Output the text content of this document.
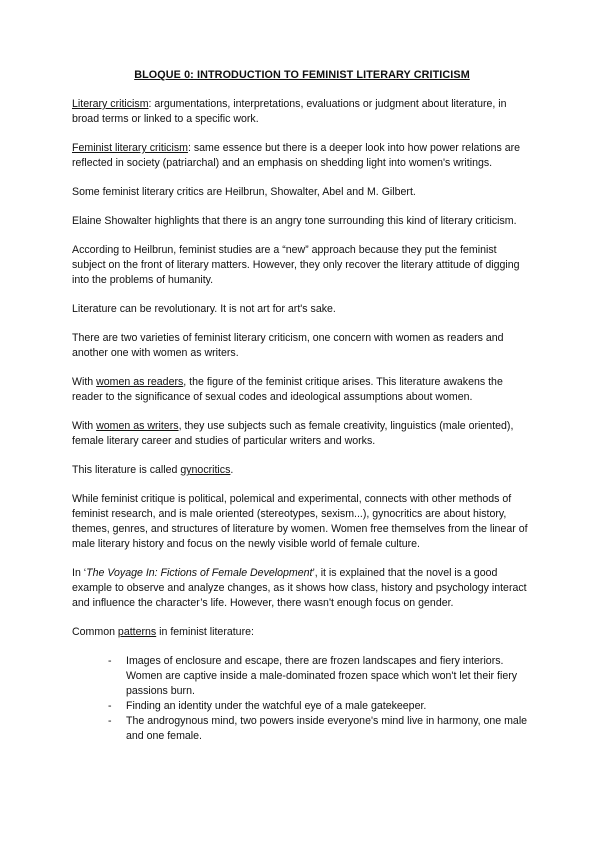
BLOQUE 0: INTRODUCTION TO FEMINIST LITERARY CRITICISM

Literary criticism: argumentations, interpretations, evaluations or judgment about literature, in broad terms or linked to a specific work.

Feminist literary criticism: same essence but there is a deeper look into how power relations are reflected in society (patriarchal) and an emphasis on shedding light into women's writings.

Some feminist literary critics are Heilbrun, Showalter, Abel and M. Gilbert.

Elaine Showalter highlights that there is an angry tone surrounding this kind of literary criticism.

According to Heilbrun, feminist studies are a “new” approach because they put the feminist subject on the front of literary matters. However, they only recover the literary attitude of digging into the problems of humanity.

Literature can be revolutionary. It is not art for art's sake.

There are two varieties of feminist literary criticism, one concern with women as readers and another one with women as writers.

With women as readers, the figure of the feminist critique arises. This literature awakens the reader to the significance of sexual codes and ideological assumptions about women.

With women as writers, they use subjects such as female creativity, linguistics (male oriented), female literary career and studies of particular writers and works.

This literature is called gynocritics.

While feminist critique is political, polemical and experimental, connects with other methods of feminist research, and is male oriented (stereotypes, sexism...), gynocritics are about history, themes, genres, and structures of literature by women. Women free themselves from the linear of male literary history and focus on the newly visible world of female culture.

In ‘The Voyage In: Fictions of Female Development’, it is explained that the novel is a good example to observe and analyze changes, as it shows how class, history and psychology interact and influence the character’s life. However, there wasn't enough focus on gender.

Common patterns in feminist literature:

- Images of enclosure and escape, there are frozen landscapes and fiery interiors. Women are captive inside a male-dominated frozen space which won't let their fiery passions burn.
- Finding an identity under the watchful eye of a male gatekeeper.
- The androgynous mind, two powers inside everyone's mind live in harmony, one male and one female.
